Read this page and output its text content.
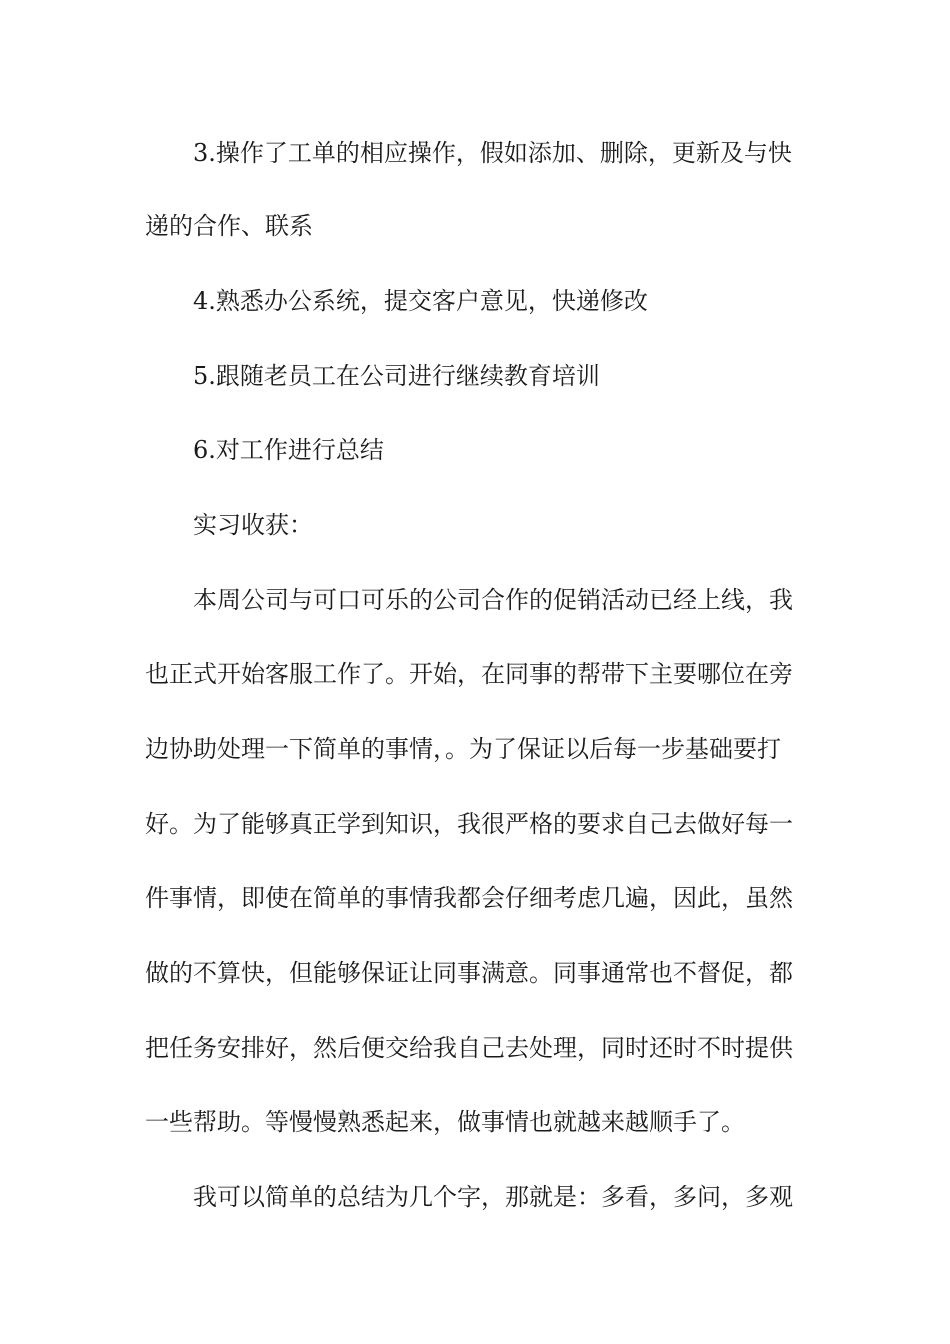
3.操作了工单的相应操作，假如添加、删除，更新及与快
递的合作、联系
4.熟悉办公系统，提交客户意见，快递修改
5.跟随老员工在公司进行继续教育培训
6.对工作进行总结
实习收获：
本周公司与可口可乐的公司合作的促销活动已经上线，我
也正式开始客服工作了。开始，在同事的帮带下主要哪位在旁
边协助处理一下简单的事情，。为了保证以后每一步基础要打
好。为了能够真正学到知识，我很严格的要求自己去做好每一
件事情，即使在简单的事情我都会仔细考虑几遍，因此，虽然
做的不算快，但能够保证让同事满意。同事通常也不督促，都
把任务安排好，然后便交给我自己去处理，同时还时不时提供
一些帮助。等慢慢熟悉起来，做事情也就越来越顺手了。
我可以简单的总结为几个字，那就是：多看，多问，多观
